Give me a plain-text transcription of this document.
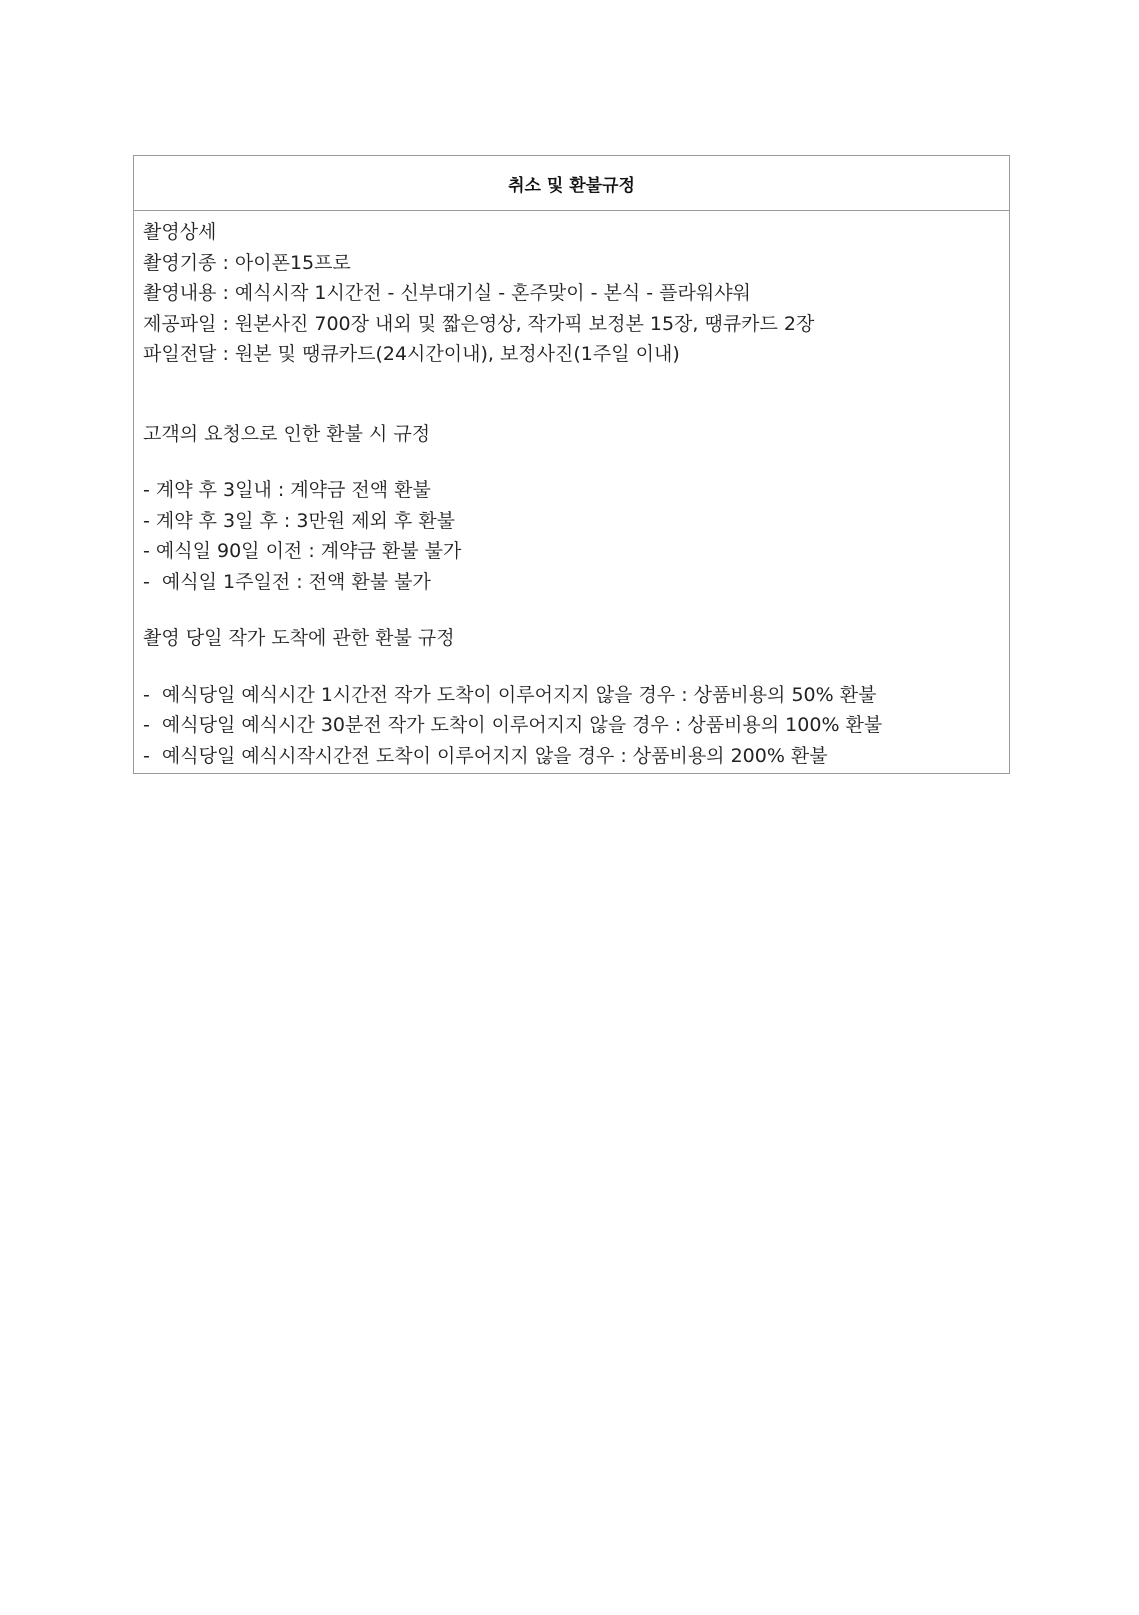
취소 및 환불규정
촬영상세
촬영기종 : 아이폰15프로
촬영내용 : 예식시작 1시간전 - 신부대기실 - 혼주맞이 - 본식 - 플라워샤워
제공파일 : 원본사진 700장 내외 및 짧은영상, 작가픽 보정본 15장, 땡큐카드 2장
파일전달 : 원본 및 땡큐카드(24시간이내), 보정사진(1주일 이내)
고객의 요청으로 인한 환불 시 규정
- 계약 후 3일내 : 계약금 전액 환불
- 계약 후 3일 후 : 3만원 제외 후 환불
- 예식일 90일 이전 : 계약금 환불 불가
-  예식일 1주일전 : 전액 환불 불가
촬영 당일 작가 도착에 관한 환불 규정
-  예식당일 예식시간 1시간전 작가 도착이 이루어지지 않을 경우 : 상품비용의 50% 환불
-  예식당일 예식시간 30분전 작가 도착이 이루어지지 않을 경우 : 상품비용의 100% 환불
-  예식당일 예식시작시간전 도착이 이루어지지 않을 경우 : 상품비용의 200% 환불
